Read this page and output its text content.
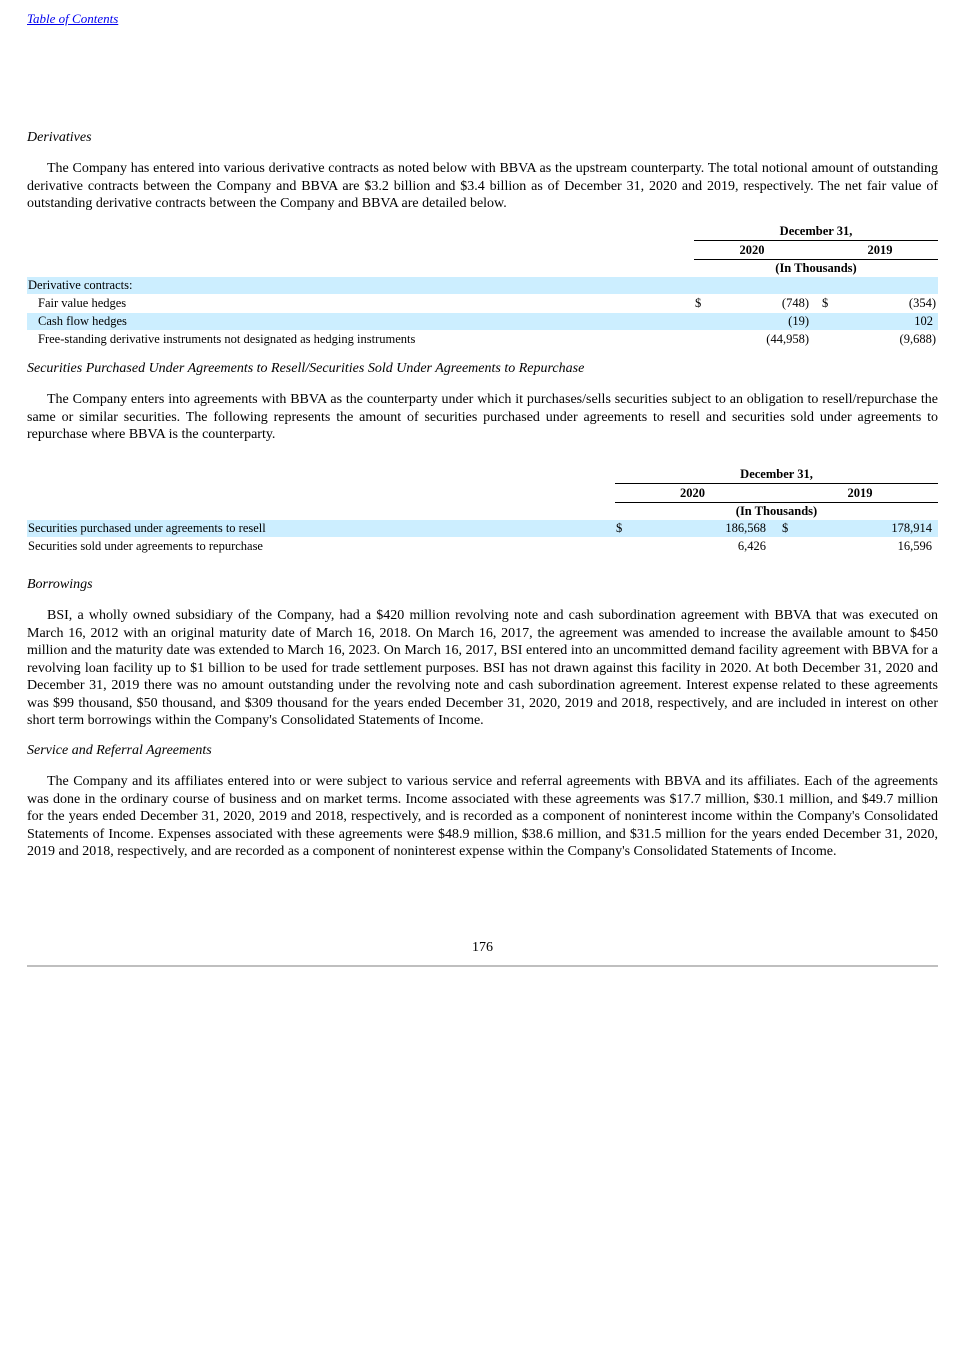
Table of Contents
Derivatives

The Company has entered into various derivative contracts as noted below with BBVA as the upstream counterparty. The total notional amount of outstanding derivative contracts between the Company and BBVA are $3.2 billion and $3.4 billion as of December 31, 2020 and 2019, respectively. The net fair value of outstanding derivative contracts between the Company and BBVA are detailed below.

December 31,
2020	2019
(In Thousands)
Derivative contracts:
Fair value hedges	$	(748) $	(354)
Cash flow hedges	(19)	102
Free-standing derivative instruments not designated as hedging instruments	(44,958)	(9,688)
Securities Purchased Under Agreements to Resell/Securities Sold Under Agreements to Repurchase

The Company enters into agreements with BBVA as the counterparty under which it purchases/sells securities subject to an obligation to resell/repurchase the same or similar securities. The following represents the amount of securities purchased under agreements to resell and securities sold under agreements to repurchase where BBVA is the counterparty.

December 31,
2020	2019
(In Thousands)
Securities purchased under agreements to resell	$	186,568 $	178,914
Securities sold under agreements to repurchase	6,426	16,596
Borrowings

BSI, a wholly owned subsidiary of the Company, had a $420 million revolving note and cash subordination agreement with BBVA that was executed on March 16, 2012 with an original maturity date of March 16, 2018. On March 16, 2017, the agreement was amended to increase the available amount to $450 million and the maturity date was extended to March 16, 2023. On March 16, 2017, BSI entered into an uncommitted demand facility agreement with BBVA for a revolving loan facility up to $1 billion to be used for trade settlement purposes. BSI has not drawn against this facility in 2020. At both December 31, 2020 and December 31, 2019 there was no amount outstanding under the revolving note and cash subordination agreement. Interest expense related to these agreements was $99 thousand, $50 thousand, and $309 thousand for the years ended December 31, 2020, 2019 and 2018, respectively, and are included in interest on other short term borrowings within the Company's Consolidated Statements of Income.

Service and Referral Agreements

The Company and its affiliates entered into or were subject to various service and referral agreements with BBVA and its affiliates. Each of the agreements was done in the ordinary course of business and on market terms. Income associated with these agreements was $17.7 million, $30.1 million, and $49.7 million for the years ended December 31, 2020, 2019 and 2018, respectively, and is recorded as a component of noninterest income within the Company's Consolidated Statements of Income. Expenses associated with these agreements were $48.9 million, $38.6 million, and $31.5 million for the years ended December 31, 2020, 2019 and 2018, respectively, and are recorded as a component of noninterest expense within the Company's Consolidated Statements of Income.

176
